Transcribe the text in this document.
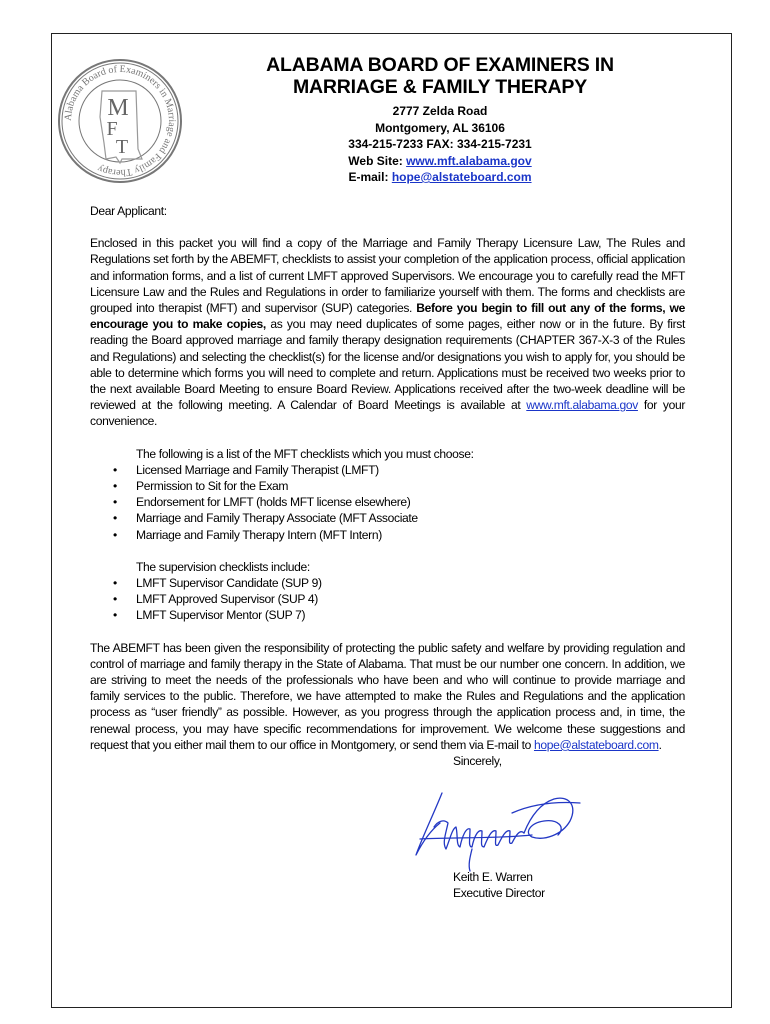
Alabama Board of Examiners in Marriage and Family Therapy
M
F
T
ALABAMA BOARD OF EXAMINERS IN
MARRIAGE & FAMILY THERAPY
2777 Zelda Road
Montgomery, AL 36106
334-215-7233 FAX: 334-215-7231
Web Site: www.mft.alabama.gov
E-mail: hope@alstateboard.com

Dear Applicant:

Enclosed in this packet you will find a copy of the Marriage and Family Therapy Licensure Law, The Rules and Regulations set forth by the ABEMFT, checklists to assist your completion of the application process, official application and information forms, and a list of current LMFT approved Supervisors. We encourage you to carefully read the MFT Licensure Law and the Rules and Regulations in order to familiarize yourself with them. The forms and checklists are grouped into therapist (MFT) and supervisor (SUP) categories. Before you begin to fill out any of the forms, we encourage you to make copies, as you may need duplicates of some pages, either now or in the future. By first reading the Board approved marriage and family therapy designation requirements (CHAPTER 367-X-3 of the Rules and Regulations) and selecting the checklist(s) for the license and/or designations you wish to apply for, you should be able to determine which forms you will need to complete and return. Applications must be received two weeks prior to the next available Board Meeting to ensure Board Review. Applications received after the two-week deadline will be reviewed at the following meeting. A Calendar of Board Meetings is available at www.mft.alabama.gov for your convenience.

The following is a list of the MFT checklists which you must choose:

• Licensed Marriage and Family Therapist (LMFT)
• Permission to Sit for the Exam
• Endorsement for LMFT (holds MFT license elsewhere)
• Marriage and Family Therapy Associate (MFT Associate
• Marriage and Family Therapy Intern (MFT Intern)

The supervision checklists include:

• LMFT Supervisor Candidate (SUP 9)
• LMFT Approved Supervisor (SUP 4)
• LMFT Supervisor Mentor (SUP 7)

The ABEMFT has been given the responsibility of protecting the public safety and welfare by providing regulation and control of marriage and family therapy in the State of Alabama. That must be our number one concern. In addition, we are striving to meet the needs of the professionals who have been and who will continue to provide marriage and family services to the public. Therefore, we have attempted to make the Rules and Regulations and the application process as “user friendly” as possible. However, as you progress through the application process and, in time, the renewal process, you may have specific recommendations for improvement. We welcome these suggestions and request that you either mail them to our office in Montgomery, or send them via E-mail to hope@alstateboard.com.

Sincerely,

Keith E. Warren
Executive Director
